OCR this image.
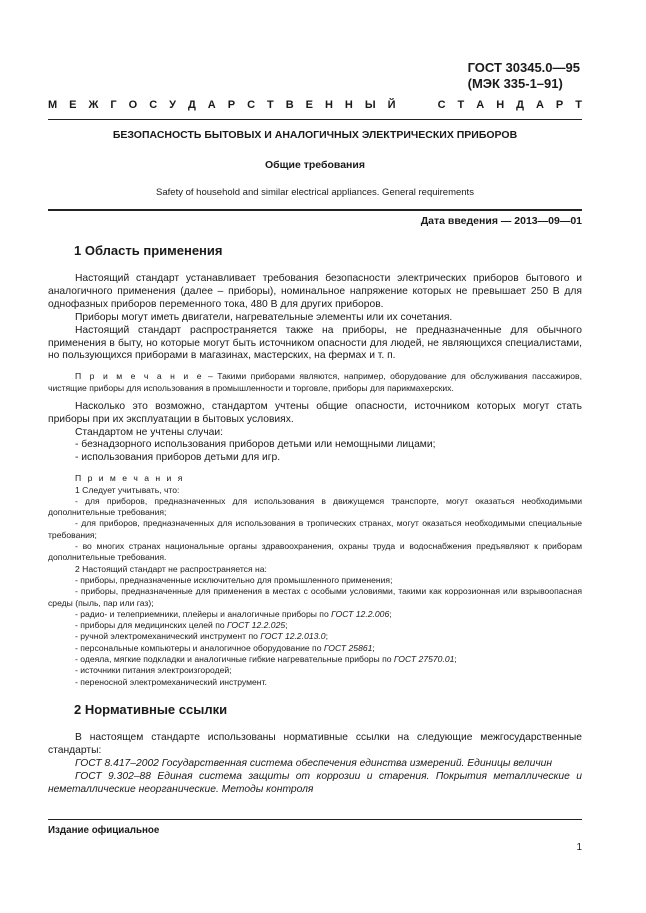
ГОСТ 30345.0—95
(МЭК 335-1–91)
М Е Ж Г О С У Д А Р С Т В Е Н Н Ы Й

	С Т А Н Д А Р Т
БЕЗОПАСНОСТЬ БЫТОВЫХ И АНАЛОГИЧНЫХ ЭЛЕКТРИЧЕСКИХ ПРИБОРОВ
Общие требования
Safety of household and similar electrical appliances. General requirements
Дата введения — 2013—09—01
1 Область применения

Настоящий стандарт устанавливает требования безопасности электрических приборов бытового и аналогичного применения (далее – приборы), номинальное напряжение которых не превышает 250 В для однофазных приборов переменного тока, 480 В для других приборов.

Приборы могут иметь двигатели, нагревательные элементы или их сочетания.

Настоящий стандарт распространяется также на приборы, не предназначенные для обычного применения в быту, но которые могут быть источником опасности для людей, не являющихся специалистами, но пользующихся приборами в магазинах, мастерских, на фермах и т. п.

П р и м е ч а н и е – Такими приборами являются, например, оборудование для обслуживания пассажиров, чистящие приборы для использования в промышленности и торговле, приборы для парикмахерских.

Насколько это возможно, стандартом учтены общие опасности, источником которых могут стать приборы при их эксплуатации в бытовых условиях.

Стандартом не учтены случаи:

- безнадзорного использования приборов детьми или немощными лицами;

- использования приборов детьми для игр.

П р и м е ч а н и я
1 Следует учитывать, что:
- для приборов, предназначенных для использования в движущемся транспорте, могут оказаться необходимыми дополнительные требования;
- для приборов, предназначенных для использования в тропических странах, могут оказаться необходимыми специальные требования;
- во многих странах национальные органы здравоохранения, охраны труда и водоснабжения предъявляют к приборам дополнительные требования.
2 Настоящий стандарт не распространяется на:
- приборы, предназначенные исключительно для промышленного применения;
- приборы, предназначенные для применения в местах с особыми условиями, такими как коррозионная или взрывоопасная среды (пыль, пар или газ);
- радио- и телеприемники, плейеры и аналогичные приборы по ГОСТ 12.2.006;
- приборы для медицинских целей по ГОСТ 12.2.025;
- ручной электромеханический инструмент по ГОСТ 12.2.013.0;
- персональные компьютеры и аналогичное оборудование по ГОСТ 25861;
- одеяла, мягкие подкладки и аналогичные гибкие нагревательные приборы по ГОСТ 27570.01;
- источники питания электроизгородей;
- переносной электромеханический инструмент.
2 Нормативные ссылки

В настоящем стандарте использованы нормативные ссылки на следующие межгосударственные стандарты:

ГОСТ 8.417–2002 Государственная система обеспечения единства измерений. Единицы величин

ГОСТ 9.302–88 Единая система защиты от коррозии и старения. Покрытия металлические и неметаллические неорганические. Методы контроля

Издание официальное
1
